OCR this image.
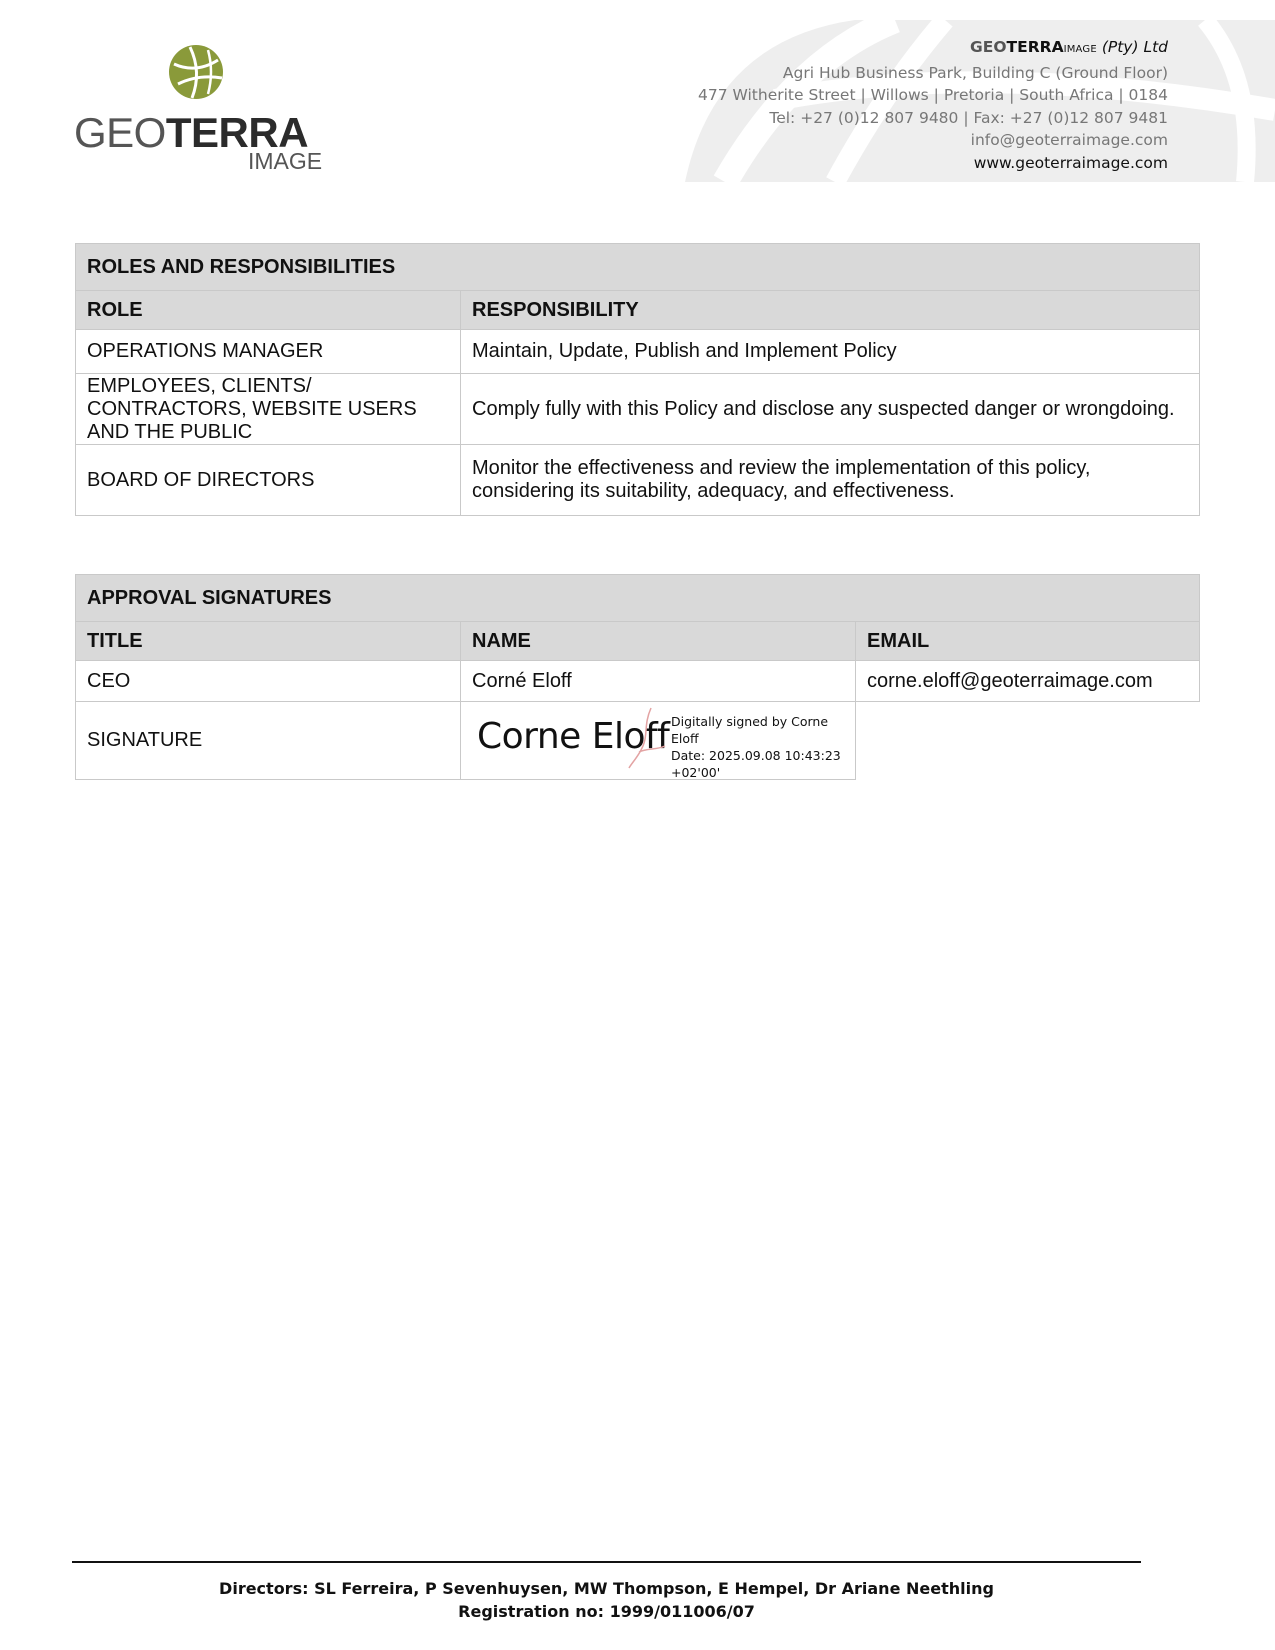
GEOTERRA
IMAGE
GEOTERRAIMAGE (Pty) Ltd
Agri Hub Business Park, Building C (Ground Floor)
477 Witherite Street | Willows | Pretoria | South Africa | 0184
Tel: +27 (0)12 807 9480 | Fax: +27 (0)12 807 9481
info@geoterraimage.com
www.geoterraimage.com
ROLES AND RESPONSIBILITIES	
ROLE	RESPONSIBILITY
OPERATIONS MANAGER	Maintain, Update, Publish and Implement Policy
EMPLOYEES, CLIENTS/ CONTRACTORS, WEBSITE USERS AND THE PUBLIC	Comply fully with this Policy and disclose any suspected danger or wrongdoing.
BOARD OF DIRECTORS	Monitor the effectiveness and review the implementation of this policy, considering its suitability, adequacy, and effectiveness.
APPROVAL SIGNATURES		
TITLE	NAME	EMAIL
CEO	Corné Eloff	corne.eloff@geoterraimage.com
SIGNATURE	Corne Eloff Digitally signed by Corne Eloff
Date: 2025.09.08 10:43:23
+02'00'	

Directors: SL Ferreira, P Sevenhuysen, MW Thompson, E Hempel, Dr Ariane Neethling
Registration no: 1999/011006/07
